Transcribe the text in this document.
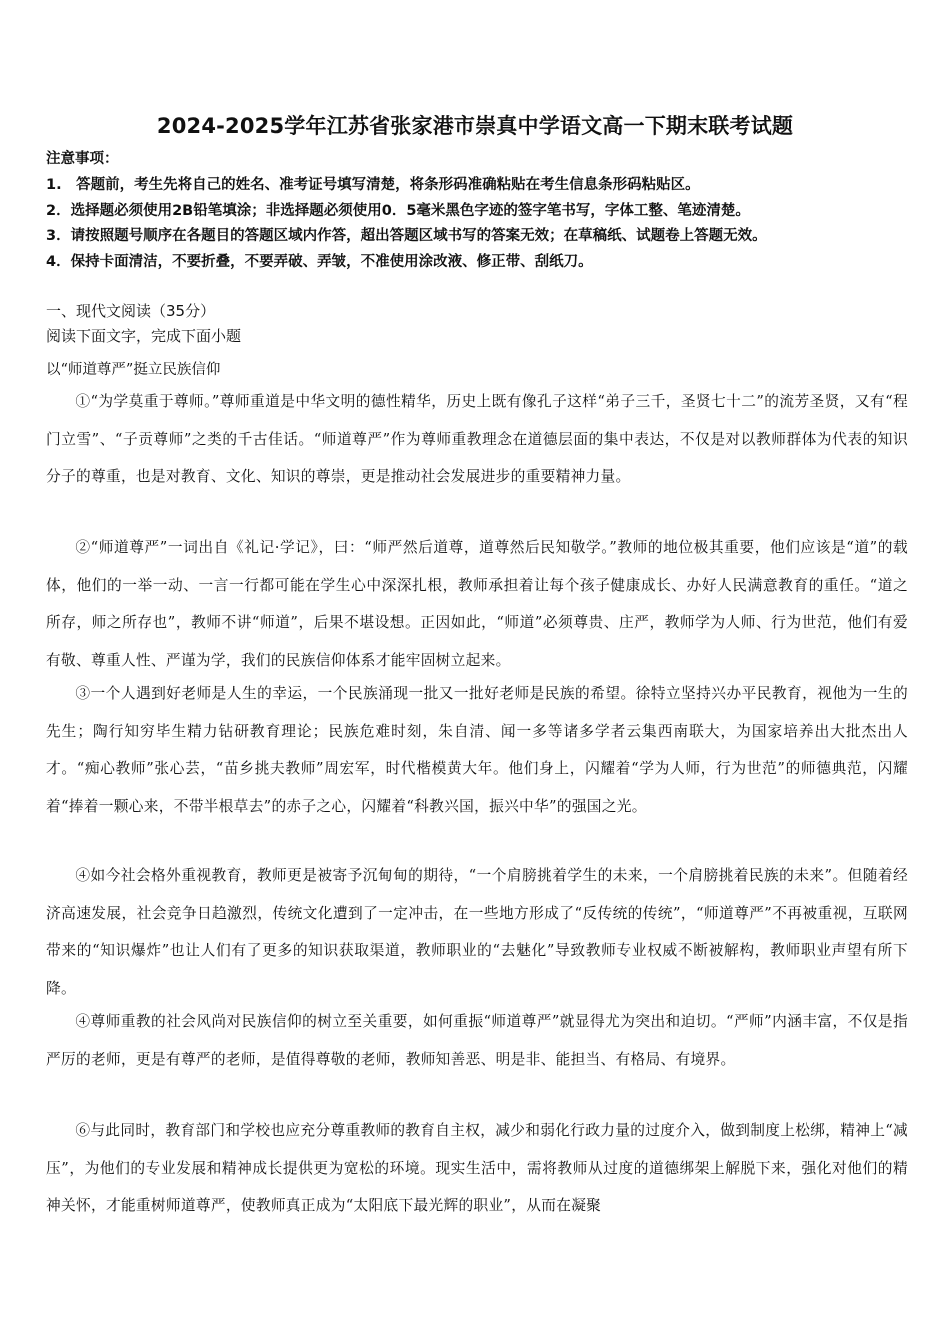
2024-2025学年江苏省张家港市崇真中学语文高一下期末联考试题
注意事项：
1.　答题前，考生先将自己的姓名、准考证号填写清楚，将条形码准确粘贴在考生信息条形码粘贴区。
2．选择题必须使用2B铅笔填涂；非选择题必须使用0．5毫米黑色字迹的签字笔书写，字体工整、笔迹清楚。
3．请按照题号顺序在各题目的答题区域内作答，超出答题区域书写的答案无效；在草稿纸、试题卷上答题无效。
4．保持卡面清洁，不要折叠，不要弄破、弄皱，不准使用涂改液、修正带、刮纸刀。
一、现代文阅读（35分）
阅读下面文字，完成下面小题
以“师道尊严”挺立民族信仰
①“为学莫重于尊师。”尊师重道是中华文明的德性精华，历史上既有像孔子这样“弟子三千，圣贤七十二”的流芳圣贤，又有“程门立雪”、“子贡尊师”之类的千古佳话。“师道尊严”作为尊师重教理念在道德层面的集中表达，不仅是对以教师群体为代表的知识分子的尊重，也是对教育、文化、知识的尊崇，更是推动社会发展进步的重要精神力量。
②“师道尊严”一词出自《礼记·学记》，曰：“师严然后道尊，道尊然后民知敬学。”教师的地位极其重要，他们应该是“道”的载体，他们的一举一动、一言一行都可能在学生心中深深扎根，教师承担着让每个孩子健康成长、办好人民满意教育的重任。“道之所存，师之所存也”，教师不讲“师道”，后果不堪设想。正因如此，“师道”必须尊贵、庄严，教师学为人师、行为世范，他们有爱有敬、尊重人性、严谨为学，我们的民族信仰体系才能牢固树立起来。
③一个人遇到好老师是人生的幸运，一个民族涌现一批又一批好老师是民族的希望。徐特立坚持兴办平民教育，视他为一生的先生；陶行知穷毕生精力钻研教育理论；民族危难时刻，朱自清、闻一多等诸多学者云集西南联大，为国家培养出大批杰出人才。“痴心教师”张心芸，“苗乡挑夫教师”周宏军，时代楷模黄大年。他们身上，闪耀着“学为人师，行为世范”的师德典范，闪耀着“捧着一颗心来，不带半根草去”的赤子之心，闪耀着“科教兴国，振兴中华”的强国之光。
④如今社会格外重视教育，教师更是被寄予沉甸甸的期待，“一个肩膀挑着学生的未来，一个肩膀挑着民族的未来”。但随着经济高速发展，社会竞争日趋激烈，传统文化遭到了一定冲击，在一些地方形成了“反传统的传统”，“师道尊严”不再被重视，互联网带来的“知识爆炸”也让人们有了更多的知识获取渠道，教师职业的“去魅化”导致教师专业权威不断被解构，教师职业声望有所下降。
④尊师重教的社会风尚对民族信仰的树立至关重要，如何重振“师道尊严”就显得尤为突出和迫切。“严师”内涵丰富，不仅是指严厉的老师，更是有尊严的老师，是值得尊敬的老师，教师知善恶、明是非、能担当、有格局、有境界。
⑥与此同时，教育部门和学校也应充分尊重教师的教育自主权，减少和弱化行政力量的过度介入，做到制度上松绑，精神上“减压”，为他们的专业发展和精神成长提供更为宽松的环境。现实生活中，需将教师从过度的道德绑架上解脱下来，强化对他们的精神关怀，才能重树师道尊严，使教师真正成为“太阳底下最光辉的职业”，从而在凝聚
